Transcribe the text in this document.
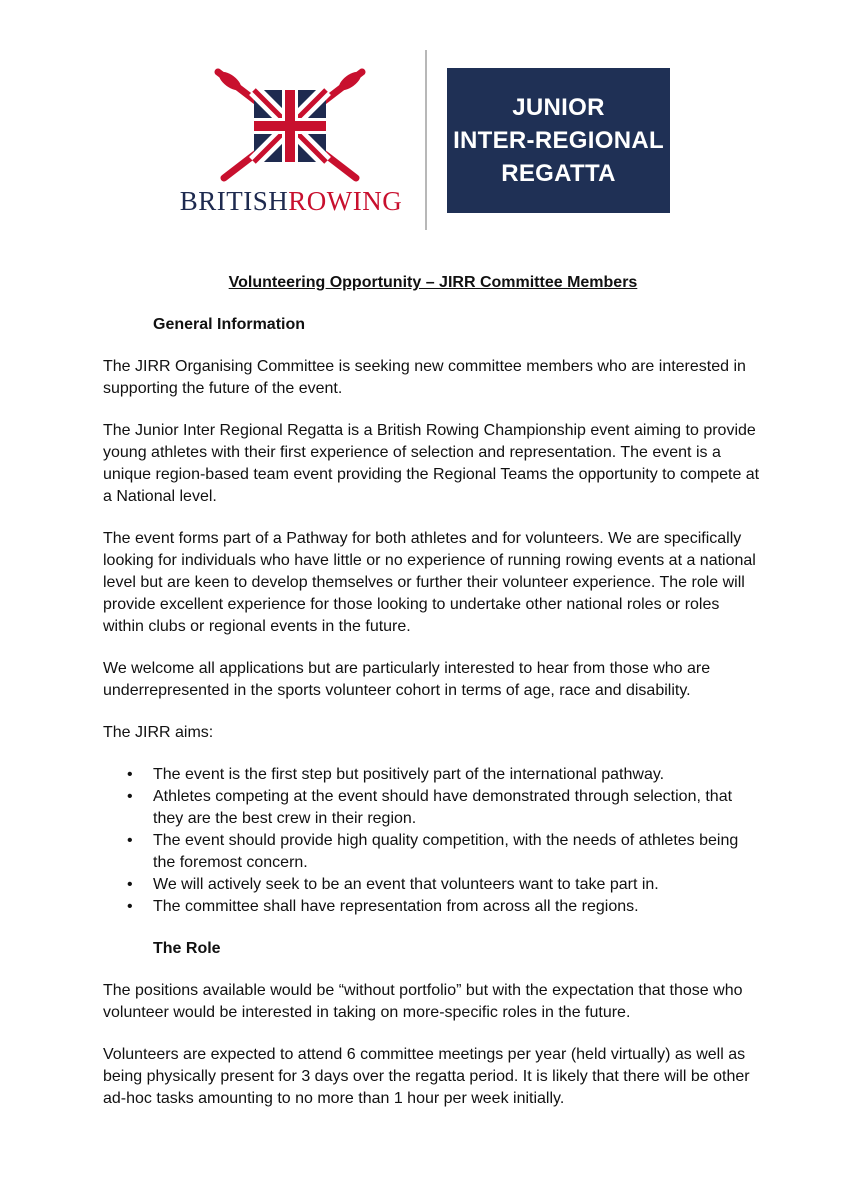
BRITISHROWING
JUNIOR
INTER-REGIONAL
REGATTA
Volunteering Opportunity – JIRR Committee Members
General Information

The JIRR Organising Committee is seeking new committee members who are interested in supporting the future of the event.

The Junior Inter Regional Regatta is a British Rowing Championship event aiming to provide young athletes with their first experience of selection and representation. The event is a unique region-based team event providing the Regional Teams the opportunity to compete at a National level.

The event forms part of a Pathway for both athletes and for volunteers. We are specifically looking for individuals who have little or no experience of running rowing events at a national level but are keen to develop themselves or further their volunteer experience. The role will provide excellent experience for those looking to undertake other national roles or roles within clubs or regional events in the future.

We welcome all applications but are particularly interested to hear from those who are underrepresented in the sports volunteer cohort in terms of age, race and disability.

The JIRR aims:

• The event is the first step but positively part of the international pathway.
• Athletes competing at the event should have demonstrated through selection, that they are the best crew in their region.
• The event should provide high quality competition, with the needs of athletes being the foremost concern.
• We will actively seek to be an event that volunteers want to take part in.
• The committee shall have representation from across all the regions.
The Role

The positions available would be “without portfolio” but with the expectation that those who volunteer would be interested in taking on more-specific roles in the future.

Volunteers are expected to attend 6 committee meetings per year (held virtually) as well as being physically present for 3 days over the regatta period. It is likely that there will be other ad-hoc tasks amounting to no more than 1 hour per week initially.
